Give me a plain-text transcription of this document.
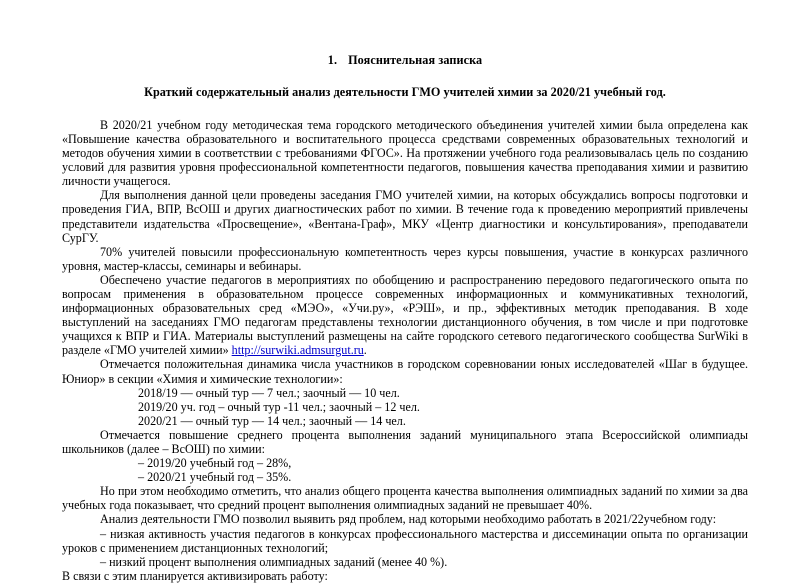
1. Пояснительная записка
Краткий содержательный анализ деятельности ГМО учителей химии за 2020/21 учебный год.

В 2020/21 учебном году методическая тема городского методического объединения учителей химии была определена как «Повышение качества образовательного и воспитательного процесса средствами современных образовательных технологий и методов обучения химии в соответствии с требованиями ФГОС». На протяжении учебного года реализовывалась цель по созданию условий для развития уровня профессиональной компетентности педагогов, повышения качества преподавания химии и развитию личности учащегося.

Для выполнения данной цели проведены заседания ГМО учителей химии, на которых обсуждались вопросы подготовки и проведения ГИА, ВПР, ВсОШ и других диагностических работ по химии. В течение года к проведению мероприятий привлечены представители издательства «Просвещение», «Вентана-Граф», МКУ «Центр диагностики и консультирования», преподаватели СурГУ.

70% учителей повысили профессиональную компетентность через курсы повышения, участие в конкурсах различного уровня, мастер-классы, семинары и вебинары.

Обеспечено участие педагогов в мероприятиях по обобщению и распространению передового педагогического опыта по вопросам применения в образовательном процессе современных информационных и коммуникативных технологий, информационных образовательных сред «МЭО», «Учи.ру», «РЭШ», и пр., эффективных методик преподавания. В ходе выступлений на заседаниях ГМО педагогам представлены технологии дистанционного обучения, в том числе и при подготовке учащихся к ВПР и ГИА. Материалы выступлений размещены на сайте городского сетевого педагогического сообщества SurWiki в разделе «ГМО учителей химии» http://surwiki.admsurgut.ru.

Отмечается положительная динамика числа участников в городском соревновании юных исследователей «Шаг в будущее. Юниор» в секции «Химия и химические технологии»:

2018/19 — очный тур — 7 чел.; заочный — 10 чел.

2019/20 уч. год – очный тур -11 чел.; заочный – 12 чел.

2020/21 — очный тур — 14 чел.; заочный — 14 чел.

Отмечается повышение среднего процента выполнения заданий муниципального этапа Всероссийской олимпиады школьников (далее – ВсОШ) по химии:

– 2019/20 учебный год – 28%,

– 2020/21 учебный год – 35%.

Но при этом необходимо отметить, что анализ общего процента качества выполнения олимпиадных заданий по химии за два учебных года показывает, что средний процент выполнения олимпиадных заданий не превышает 40%.

Анализ деятельности ГМО позволил выявить ряд проблем, над которыми необходимо работать в 2021/22учебном году:

– низкая активность участия педагогов в конкурсах профессионального мастерства и диссеминации опыта по организации уроков с применением дистанционных технологий;

– низкий процент выполнения олимпиадных заданий (менее 40 %).

В связи с этим планируется активизировать работу:
